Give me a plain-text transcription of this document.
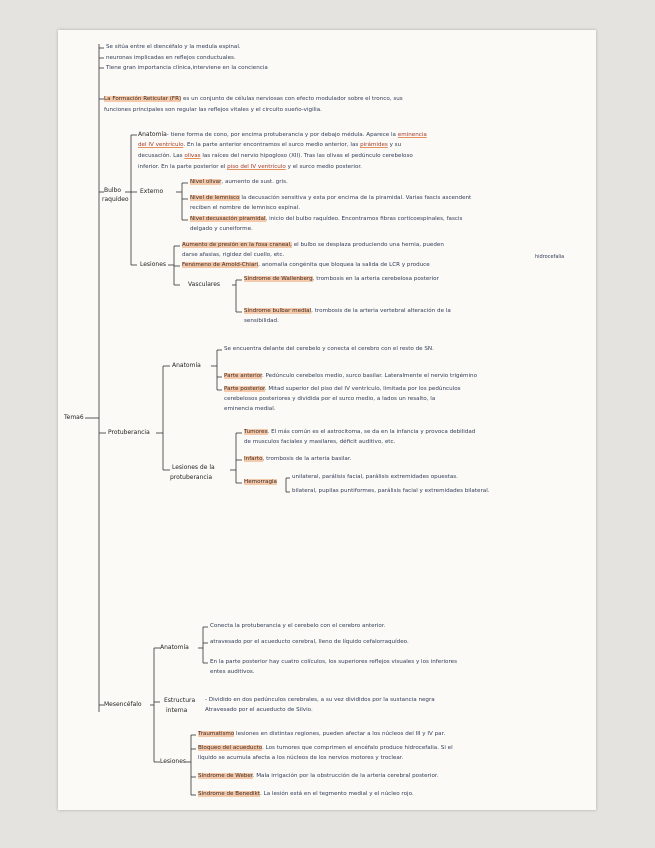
Tema6
Se sitúa entre el diencéfalo y la medula espinal.
neuronas implicadas en reflejos conductuales.
Tiene gran importancia clínica,interviene en la conciencia
La Formación Reticular (FR) es un conjunto de células nerviosas con efecto modulador sobre el tronco, sus
funciones principales son regular las reflejos vitales y el circuito sueño-vigilia.
Bulbo
raquídeo
Anatomía- tiene forma de cono, por encima protuberancia y por debajo médula. Aparece la eminencia
del IV ventrículo. En la parte anterior encontramos el surco medio anterior, las pirámides y su
decusación. Las olivas las raíces del nervio hipogloso (XII). Tras las olivas el pedúnculo cerebeloso
inferior. En la parte posterior el piso del IV ventrículo y el surco medio posterior.
Externo
Nivel olivar, aumento de sust. gris.
Nivel de lemnisco la decusación sensitiva y esta por encima de la piramidal. Varias fascis ascendent
reciben el nombre de lemnisco espinal.
Nivel decusación piramidal, inicio del bulbo raquídeo. Encontramos fibras corticoespinales, fascis
delgado y cuneiforme.
Lesiones
Aumento de presión en la fosa craneal, el bulbo se desplaza produciendo una hernia, pueden
darse afasias, rigidez del cuello, etc.
Fenómeno de Arnold-Chiari, anomalía congénita que bloquea la salida de LCR y produce
hidrocefalia
Vasculares
Síndrome de Wallenberg, trombosis en la arteria cerebelosa posterior
Síndrome bulbar medial, trombosis de la arteria vertebral alteración de la
sensibilidad.
Protuberancia
Anatomía
Se encuentra delante del cerebelo y conecta el cerebro con el resto de SN.
Parte anterior. Pedúnculo cerebelos medio, surco basilar. Lateralmente el nervio trigémino
Parte posterior. Mitad superior del piso del IV ventrículo, limitada por los pedúnculos
cerebelosos posteriores y dividida por el surco medio, a lados un resalto, la
eminencia medial.
Lesiones de la
protuberancia
Tumores. El más común es el astrocitoma, se da en la infancia y provoca debilidad
de musculos faciales y masilares, déficit auditivo, etc.
Infarto, trombosis de la arteria basilar.
Hemorragia
unilateral, parálisis facial, parálisis extremidades opuestas.
bilateral, pupilas puntiformes, parálisis facial y extremidades bilateral.
Mesencéfalo
Anatomía
Conecta la protuberancia y el cerebelo con el cerebro anterior.
atravesado por el acueducto cerebral, lleno de líquido cefalorraquídeo.
En la parte posterior hay cuatro colículos, los superiores reflejos visuales y los inferiores
entes auditivos.
Estructura
interna
- Dividido en dos pedúnculos cerebrales, a su vez divididos por la sustancia negra
Atravesado por el acueducto de Silvio.
Lesiones
Traumatismo lesiones en distintas regiones, pueden afectar a los núcleos del III y IV par.
Bloqueo del acueducto. Los tumores que comprimen el encéfalo produce hidrocefalia. Si el
líquido se acumula afecta a los núcleos de los nervios motores y troclear.
Síndrome de Weber. Mala irrigación por la obstrucción de la arteria cerebral posterior.
Síndrome de Benedikt. La lesión está en el tegmento medial y el núcleo rojo.
